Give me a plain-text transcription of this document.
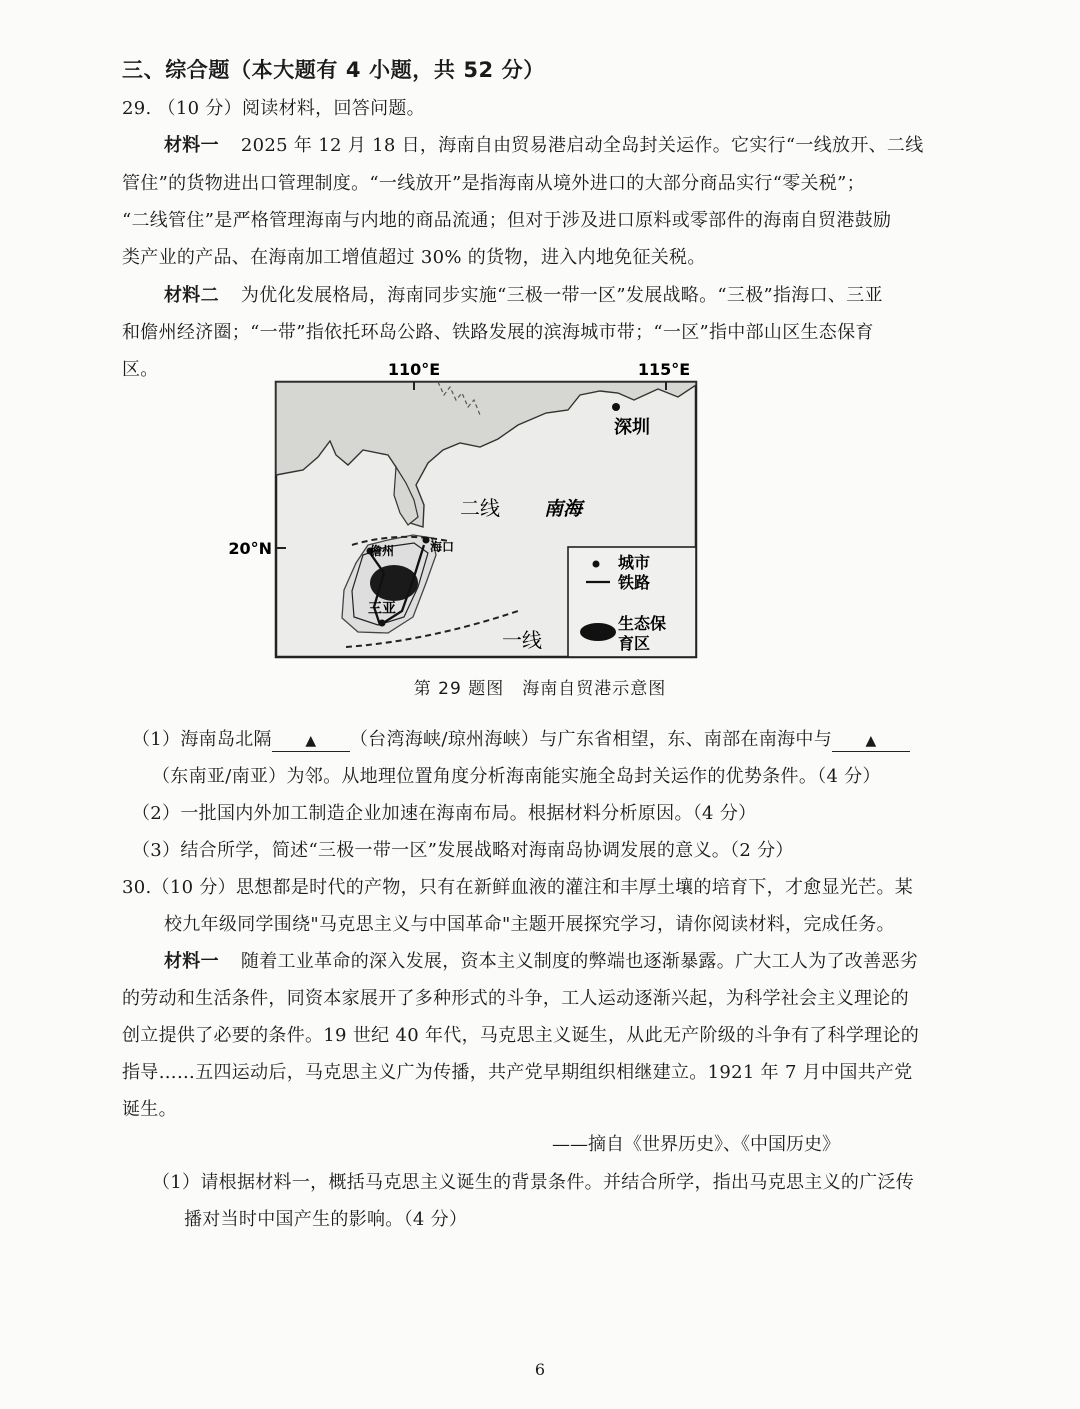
三、综合题（本大题有 4 小题，共 52 分）
29. （10 分）阅读材料，回答问题。
材料一 2025 年 12 月 18 日，海南自由贸易港启动全岛封关运作。它实行“一线放开、二线
管住”的货物进出口管理制度。“一线放开”是指海南从境外进口的大部分商品实行“零关税”；
“二线管住”是严格管理海南与内地的商品流通；但对于涉及进口原料或零部件的海南自贸港鼓励
类产业的产品、在海南加工增值超过 30% 的货物，进入内地免征关税。
材料二 为优化发展格局，海南同步实施“三极一带一区”发展战略。“三极”指海口、三亚
和儋州经济圈；“一带”指依托环岛公路、铁路发展的滨海城市带；“一区”指中部山区生态保育
区。	110°E	115°E
20°N
深圳
二线 南海
一线
儋州	海口
三亚
城市
铁路
生态保
育区
第 29 题图　海南自贸港示意图
（1）海南岛北隔 ▲ （台湾海峡/琼州海峡）与广东省相望，东、南部在南海中与 ▲
（东南亚/南亚）为邻。从地理位置角度分析海南能实施全岛封关运作的优势条件。（4 分）
（2）一批国内外加工制造企业加速在海南布局。根据材料分析原因。（4 分）
（3）结合所学，简述“三极一带一区”发展战略对海南岛协调发展的意义。（2 分）
30.（10 分）思想都是时代的产物，只有在新鲜血液的灌注和丰厚土壤的培育下，才愈显光芒。某
校九年级同学围绕"马克思主义与中国革命"主题开展探究学习，请你阅读材料，完成任务。
材料一 随着工业革命的深入发展，资本主义制度的弊端也逐渐暴露。广大工人为了改善恶劣
的劳动和生活条件，同资本家展开了多种形式的斗争，工人运动逐渐兴起，为科学社会主义理论的
创立提供了必要的条件。19 世纪 40 年代，马克思主义诞生，从此无产阶级的斗争有了科学理论的
指导……五四运动后，马克思主义广为传播，共产党早期组织相继建立。1921 年 7 月中国共产党
诞生。
——摘自《世界历史》、《中国历史》
（1）请根据材料一，概括马克思主义诞生的背景条件。并结合所学，指出马克思主义的广泛传
播对当时中国产生的影响。（4 分）
6
